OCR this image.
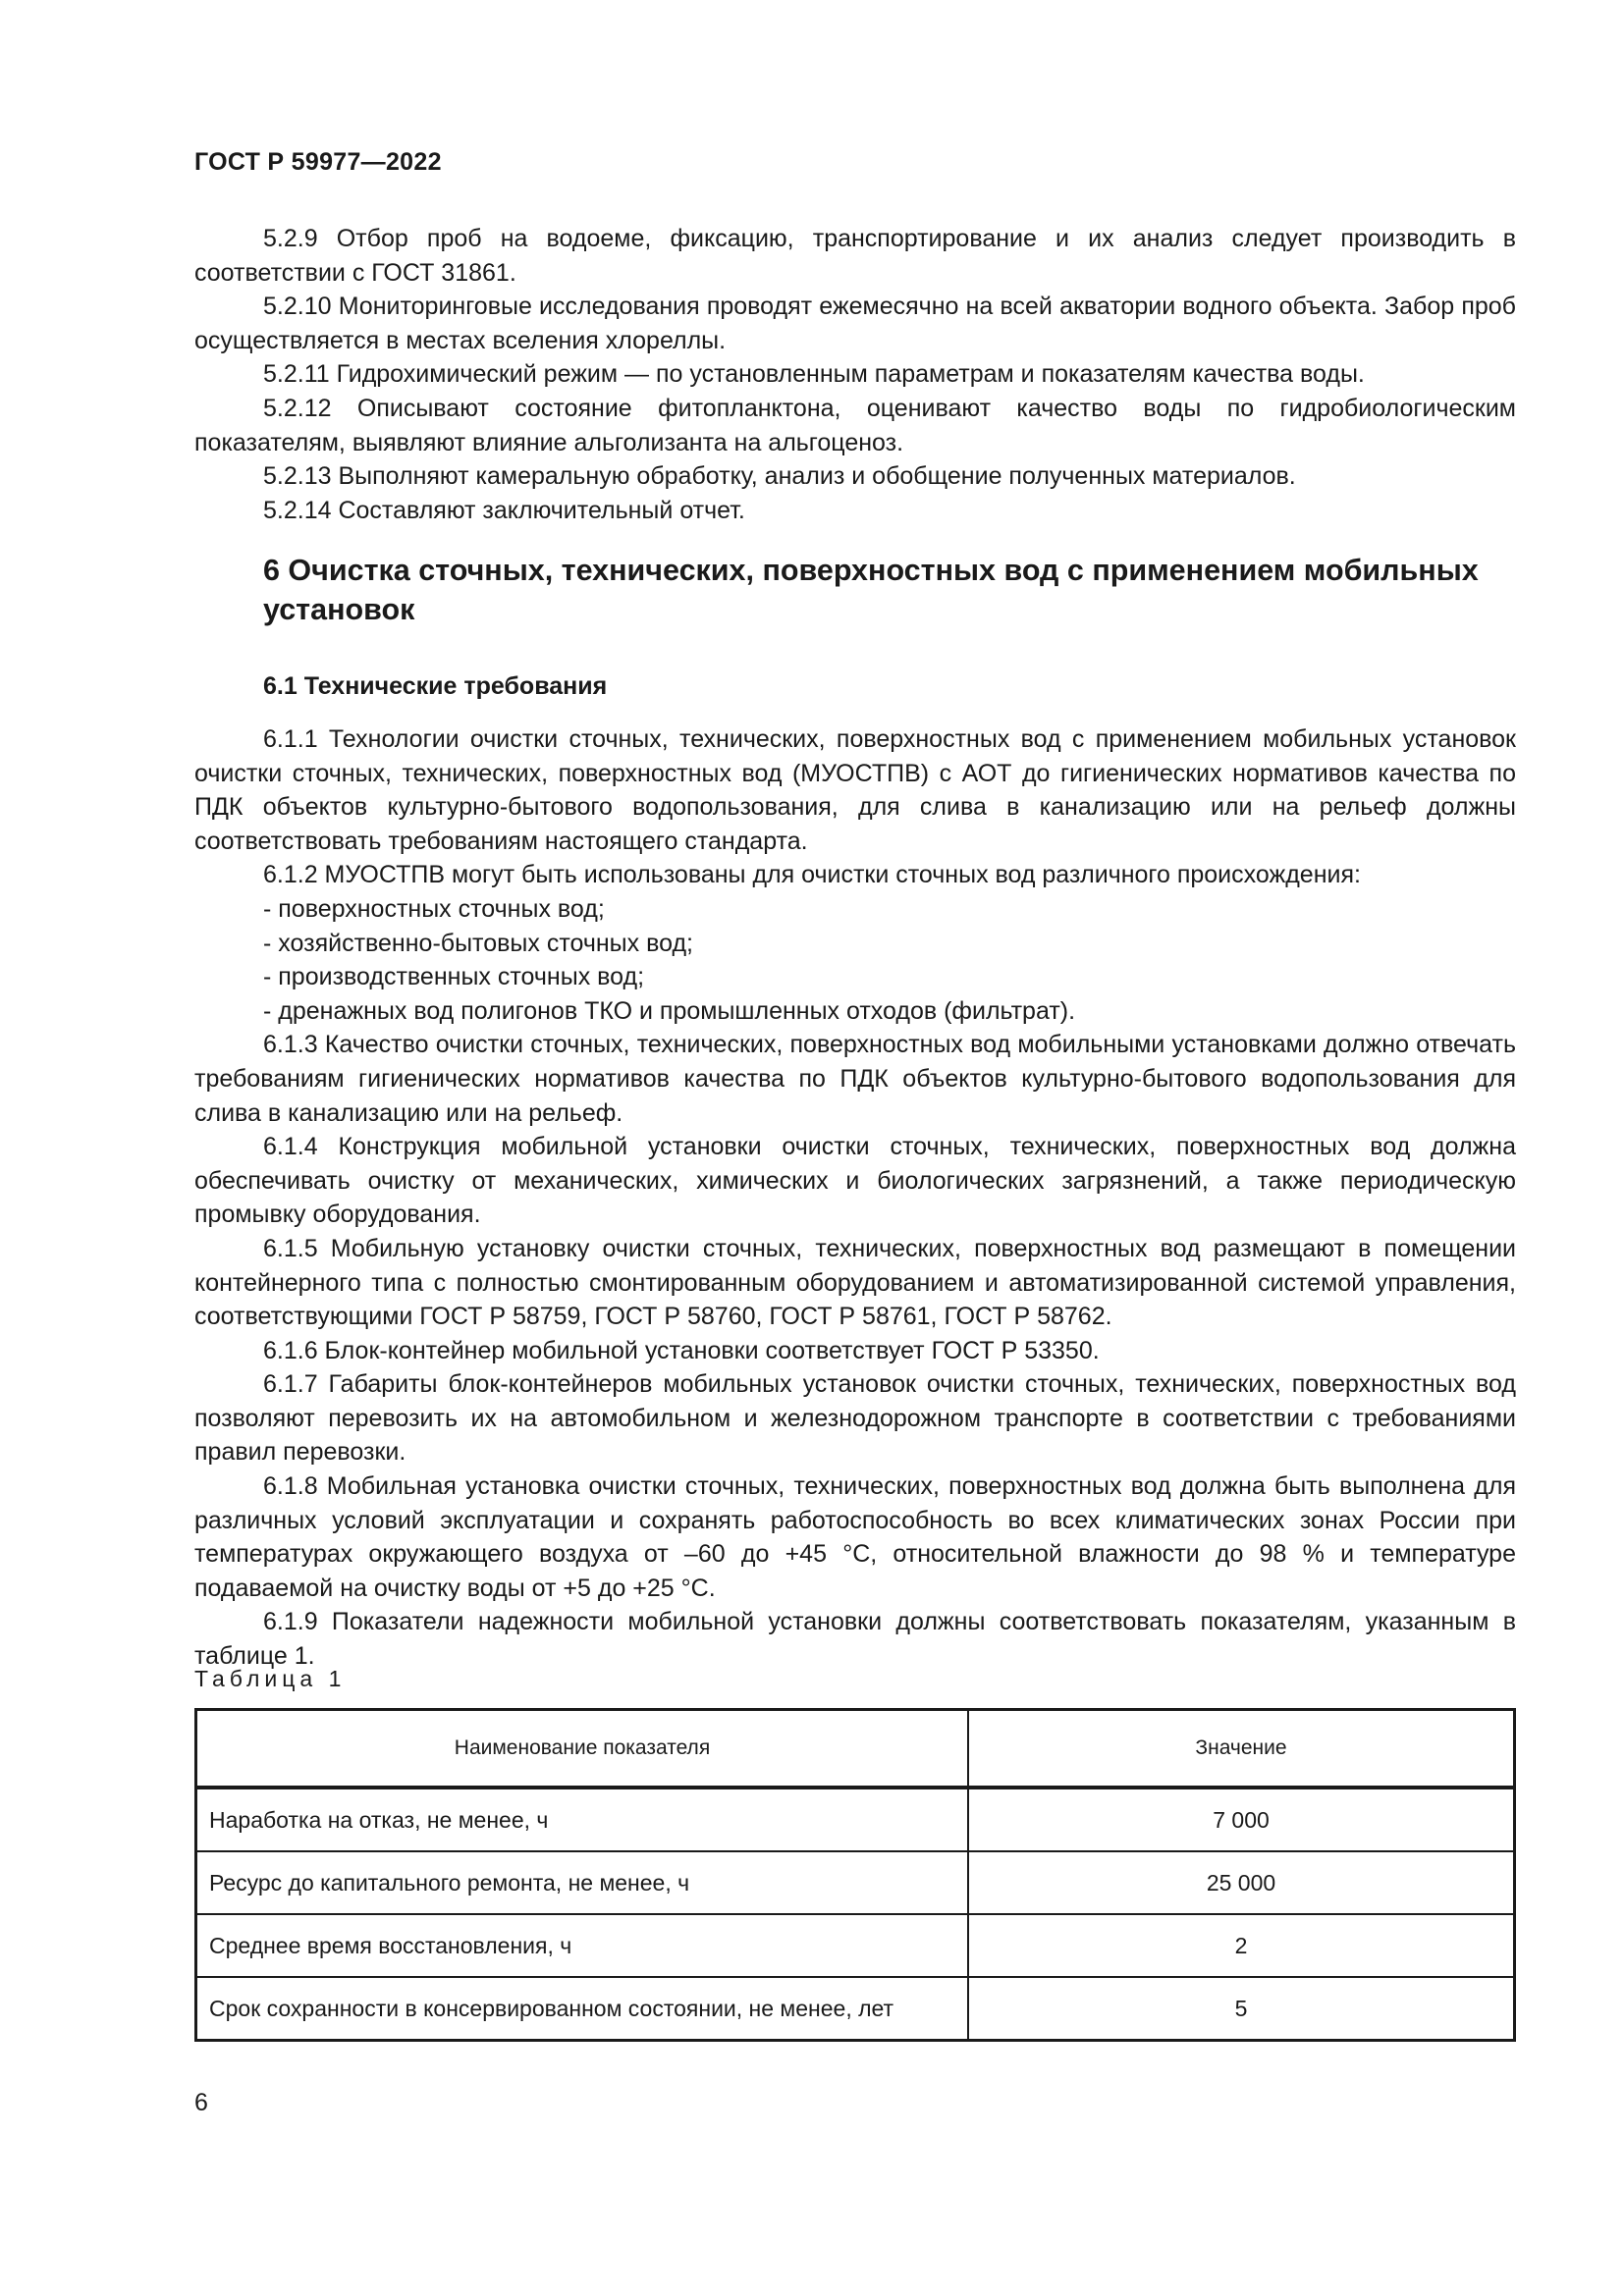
ГОСТ Р 59977—2022

5.2.9 Отбор проб на водоеме, фиксацию, транспортирование и их анализ следует производить в соответствии с ГОСТ 31861.

5.2.10 Мониторинговые исследования проводят ежемесячно на всей акватории водного объекта. Забор проб осуществляется в местах вселения хлореллы.

5.2.11 Гидрохимический режим — по установленным параметрам и показателям качества воды.

5.2.12 Описывают состояние фитопланктона, оценивают качество воды по гидробиологическим показателям, выявляют влияние альголизанта на альгоценоз.

5.2.13 Выполняют камеральную обработку, анализ и обобщение полученных материалов.

5.2.14 Составляют заключительный отчет.

6 Очистка сточных, технических, поверхностных вод с применением мобильных установок
6.1 Технические требования

6.1.1 Технологии очистки сточных, технических, поверхностных вод с применением мобильных установок очистки сточных, технических, поверхностных вод (МУОСТПВ) с АОТ до гигиенических нормативов качества по ПДК объектов культурно-бытового водопользования, для слива в канализацию или на рельеф должны соответствовать требованиям настоящего стандарта.

6.1.2 МУОСТПВ могут быть использованы для очистки сточных вод различного происхождения:

- поверхностных сточных вод;

- хозяйственно-бытовых сточных вод;

- производственных сточных вод;

- дренажных вод полигонов ТКО и промышленных отходов (фильтрат).

6.1.3 Качество очистки сточных, технических, поверхностных вод мобильными установками должно отвечать требованиям гигиенических нормативов качества по ПДК объектов культурно-бытового водопользования для слива в канализацию или на рельеф.

6.1.4 Конструкция мобильной установки очистки сточных, технических, поверхностных вод должна обеспечивать очистку от механических, химических и биологических загрязнений, а также периодическую промывку оборудования.

6.1.5 Мобильную установку очистки сточных, технических, поверхностных вод размещают в помещении контейнерного типа с полностью смонтированным оборудованием и автоматизированной системой управления, соответствующими ГОСТ Р 58759, ГОСТ Р 58760, ГОСТ Р 58761, ГОСТ Р 58762.

6.1.6 Блок-контейнер мобильной установки соответствует ГОСТ Р 53350.

6.1.7 Габариты блок-контейнеров мобильных установок очистки сточных, технических, поверхностных вод позволяют перевозить их на автомобильном и железнодорожном транспорте в соответствии с требованиями правил перевозки.

6.1.8 Мобильная установка очистки сточных, технических, поверхностных вод должна быть выполнена для различных условий эксплуатации и сохранять работоспособность во всех климатических зонах России при температурах окружающего воздуха от –60 до +45 °С, относительной влажности до 98 % и температуре подаваемой на очистку воды от +5 до +25 °С.

6.1.9 Показатели надежности мобильной установки должны соответствовать показателям, указанным в таблице 1.

Таблица 1
Наименование показателя	Значение
Наработка на отказ, не менее, ч	7 000
Ресурс до капитального ремонта, не менее, ч	25 000
Среднее время восстановления, ч	2
Срок сохранности в консервированном состоянии, не менее, лет	5
6
